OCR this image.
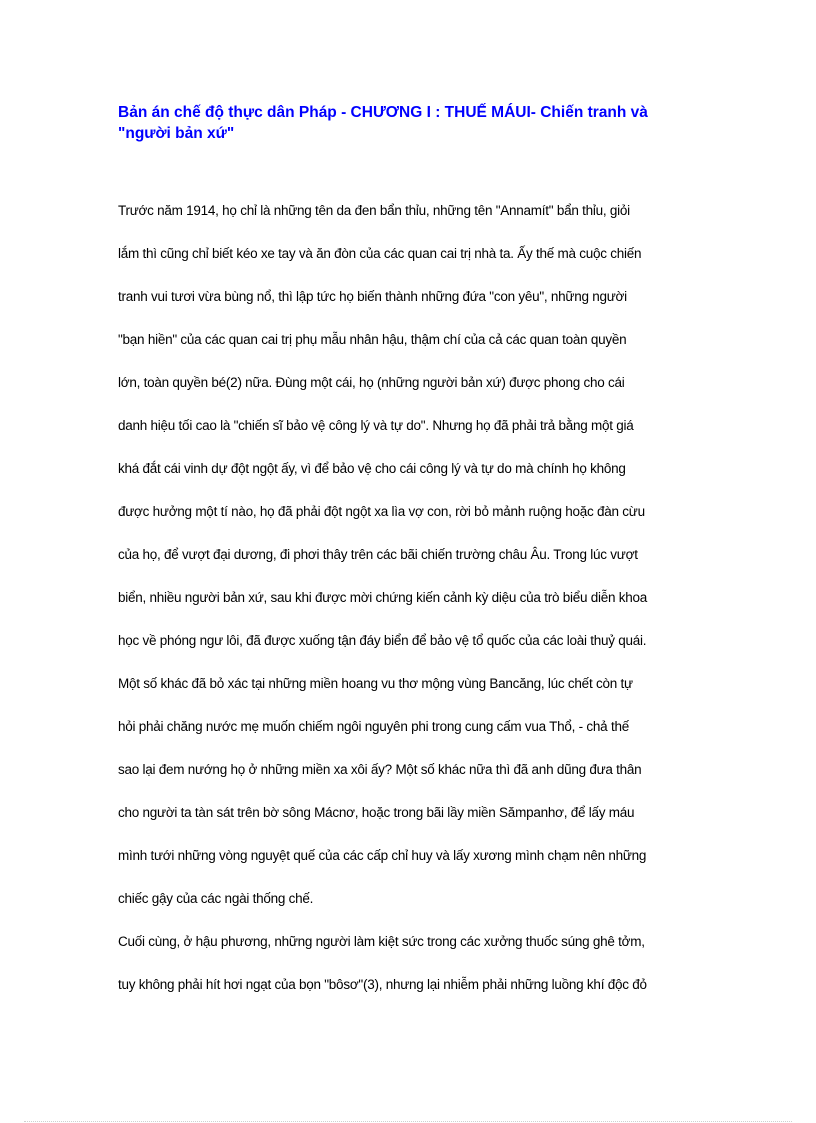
Bản án chế độ thực dân Pháp - CHƯƠNG I : THUẾ MÁUI- Chiến tranh và "người bản xứ"
Trước năm 1914, họ chỉ là những tên da đen bẩn thỉu, những tên "Annamít" bẩn thỉu, giỏi
lắm thì cũng chỉ biết kéo xe tay và ăn đòn của các quan cai trị nhà ta. Ấy thế mà cuộc chiến
tranh vui tươi vừa bùng nổ, thì lập tức họ biến thành những đứa "con yêu", những người
"bạn hiền" của các quan cai trị phụ mẫu nhân hậu, thậm chí của cả các quan toàn quyền
lớn, toàn quyền bé(2) nữa. Đùng một cái, họ (những người bản xứ) được phong cho cái
danh hiệu tối cao là "chiến sĩ bảo vệ công lý và tự do". Nhưng họ đã phải trả bằng một giá
khá đắt cái vinh dự đột ngột ấy, vì để bảo vệ cho cái công lý và tự do mà chính họ không
được hưởng một tí nào, họ đã phải đột ngột xa lìa vợ con, rời bỏ mảnh ruộng hoặc đàn cừu
của họ, để vượt đại dương, đi phơi thây trên các bãi chiến trường châu Âu. Trong lúc vượt
biển, nhiều người bản xứ, sau khi được mời chứng kiến cảnh kỳ diệu của trò biểu diễn khoa
học về phóng ngư lôi, đã được xuống tận đáy biển để bảo vệ tổ quốc của các loài thuỷ quái.
Một số khác đã bỏ xác tại những miền hoang vu thơ mộng vùng Bancăng, lúc chết còn tự
hỏi phải chăng nước mẹ muốn chiếm ngôi nguyên phi trong cung cấm vua Thổ, - chả thế
sao lại đem nướng họ ở những miền xa xôi ấy? Một số khác nữa thì đã anh dũng đưa thân
cho người ta tàn sát trên bờ sông Mácnơ, hoặc trong bãi lầy miền Sămpanhơ, để lấy máu
mình tưới những vòng nguyệt quế của các cấp chỉ huy và lấy xương mình chạm nên những
chiếc gậy của các ngài thống chế.
Cuối cùng, ở hậu phương, những người làm kiệt sức trong các xưởng thuốc súng ghê tởm,
tuy không phải hít hơi ngạt của bọn "bôsơ"(3), nhưng lại nhiễm phải những luồng khí độc đỏ
